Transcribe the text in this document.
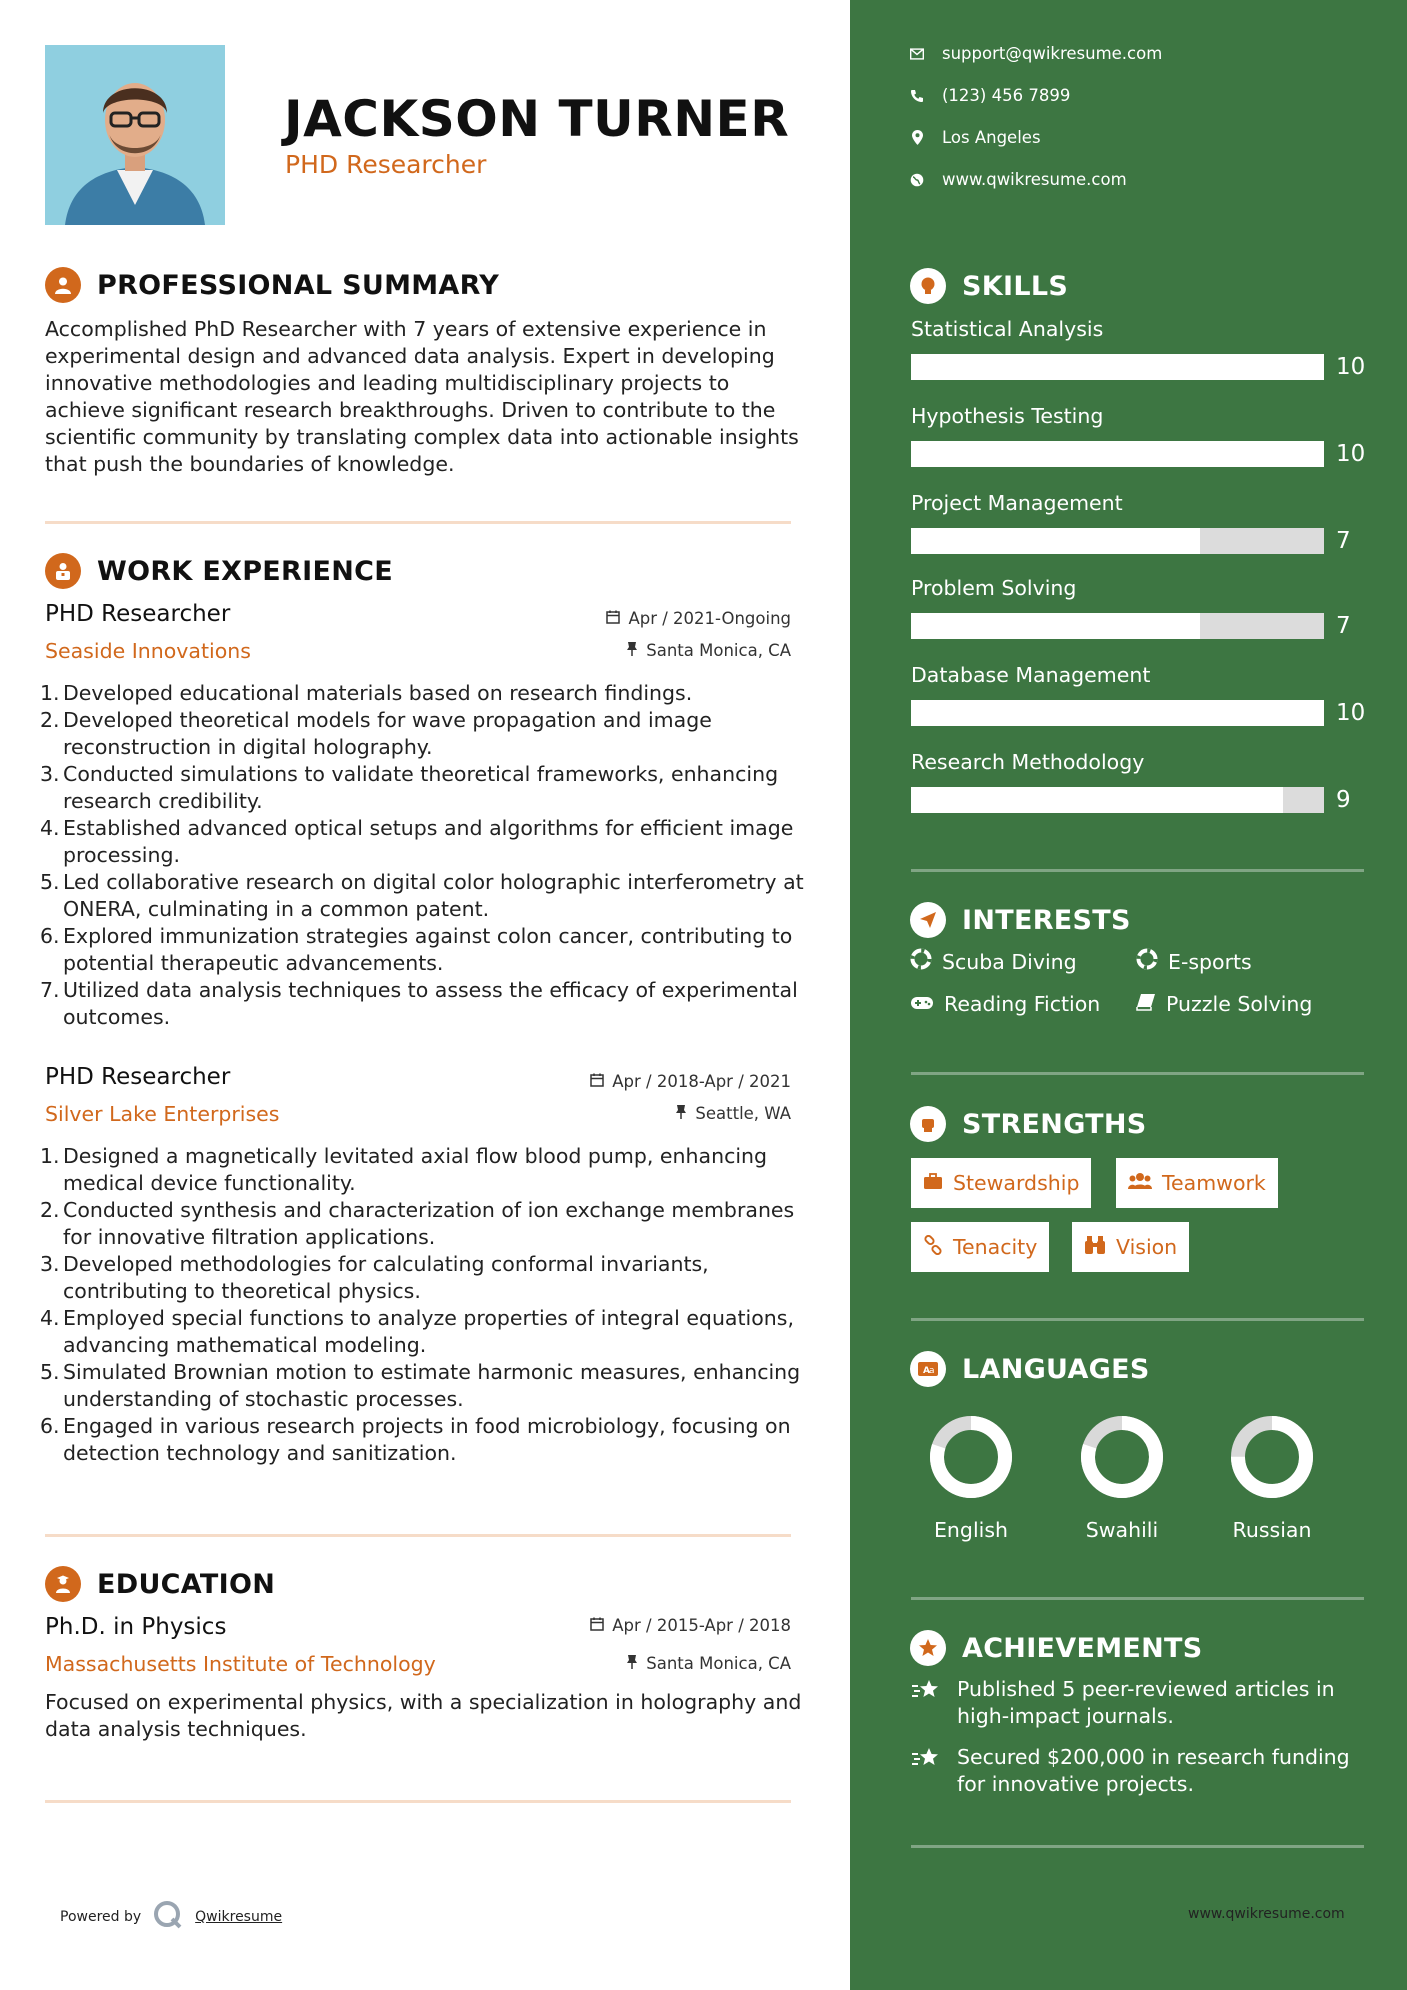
JACKSON TURNER
PHD Researcher
PROFESSIONAL SUMMARY
Accomplished PhD Researcher with 7 years of extensive experience in experimental design and advanced data analysis. Expert in developing innovative methodologies and leading multidisciplinary projects to achieve significant research breakthroughs. Driven to contribute to the scientific community by translating complex data into actionable insights that push the boundaries of knowledge.
WORK EXPERIENCE
PHD Researcher
Seaside Innovations
Apr / 2021-Ongoing
Santa Monica, CA
1. Developed educational materials based on research findings.
2. Developed theoretical models for wave propagation and image reconstruction in digital holography.
3. Conducted simulations to validate theoretical frameworks, enhancing research credibility.
4. Established advanced optical setups and algorithms for efficient image processing.
5. Led collaborative research on digital color holographic interferometry at ONERA, culminating in a common patent.
6. Explored immunization strategies against colon cancer, contributing to potential therapeutic advancements.
7. Utilized data analysis techniques to assess the efficacy of experimental outcomes.
PHD Researcher
Silver Lake Enterprises
Apr / 2018-Apr / 2021
Seattle, WA
1. Designed a magnetically levitated axial flow blood pump, enhancing medical device functionality.
2. Conducted synthesis and characterization of ion exchange membranes for innovative filtration applications.
3. Developed methodologies for calculating conformal invariants, contributing to theoretical physics.
4. Employed special functions to analyze properties of integral equations, advancing mathematical modeling.
5. Simulated Brownian motion to estimate harmonic measures, enhancing understanding of stochastic processes.
6. Engaged in various research projects in food microbiology, focusing on detection technology and sanitization.
EDUCATION
Ph.D. in Physics
Massachusetts Institute of Technology
Apr / 2015-Apr / 2018
Santa Monica, CA
Focused on experimental physics, with a specialization in holography and data analysis techniques.
Powered by	Qwikresume
support@qwikresume.com
(123) 456 7899
Los Angeles
www.qwikresume.com
SKILLS
Statistical Analysis
10
Hypothesis Testing
10
Project Management
7
Problem Solving
7
Database Management
10
Research Methodology
9
INTERESTS
Scuba Diving	E-sports
Reading Fiction	Puzzle Solving
STRENGTHS
Stewardship	Teamwork
Tenacity	Vision
A a LANGUAGES
English	Swahili	Russian
ACHIEVEMENTS
Published 5 peer-reviewed articles in high-impact journals.
Secured $200,000 in research funding for innovative projects.
www.qwikresume.com
